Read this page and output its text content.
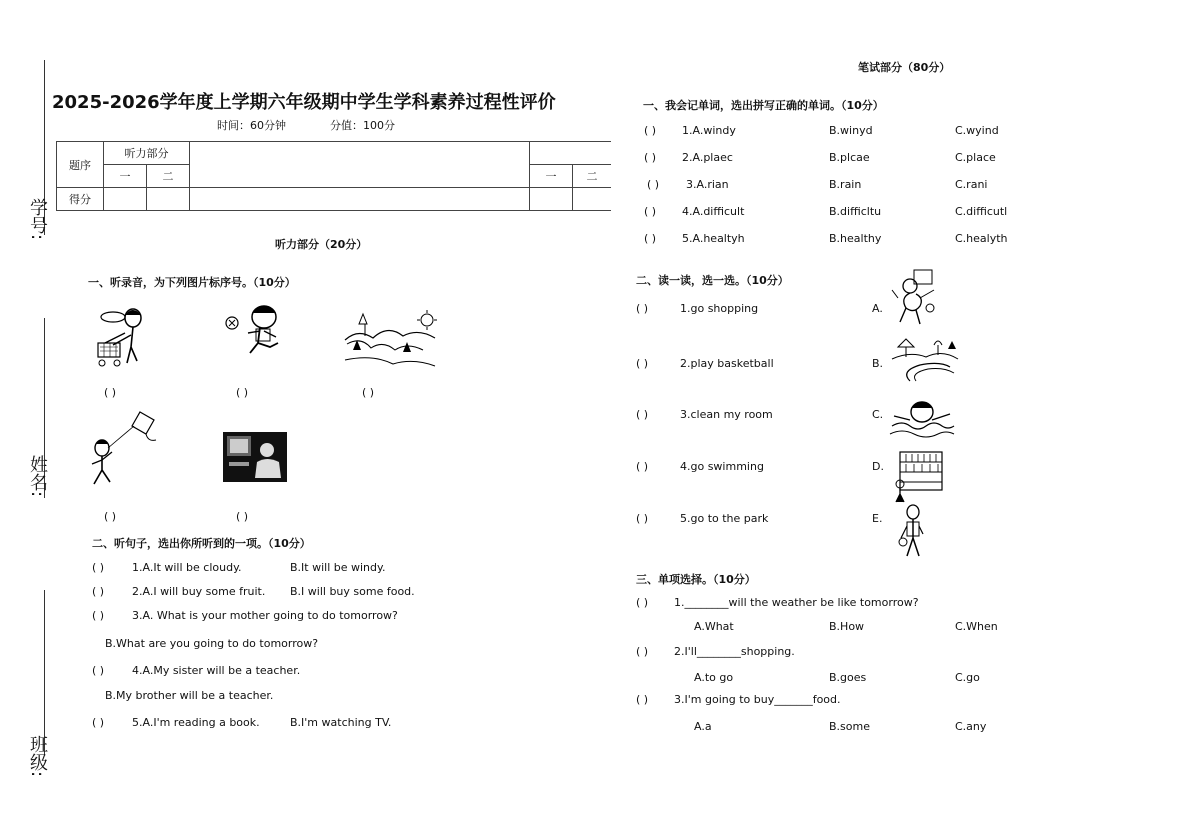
学号:
姓名:
班级:
2025-2026学年度上学期六年级期中学生学科素养过程性评价
时间：60分钟	分值：100分
题序	听力部分				
	一	二		一	二
得分					
听力部分（20分）
一、听录音，为下列图片标序号。（10分）
( )	( )	( )
( )	( )
二、听句子，选出你所听到的一项。（10分）
( )	1.A.It will be cloudy.	B.It will be windy.
( )	2.A.I will buy some fruit. B.I will buy some food.
( )	3.A. What is your mother going to do tomorrow?
B.What are you going to do tomorrow?
( )	4.A.My sister will be a teacher.
B.My brother will be a teacher.
( )	5.A.I'm reading a book.	B.I'm watching TV.
笔试部分（80分）
一、我会记单词，选出拼写正确的单词。（10分）
( ) 1.A.windy	B.winyd	C.wyind
( ) 2.A.plaec	B.plcae	C.place
( ) 3.A.rian	B.rain	C.rani
( ) 4.A.difficult	B.difficltu	C.difficutl
( ) 5.A.healtyh	B.healthy	C.healyth
二、读一读，选一选。（10分）
( )	1.go shopping	A.
( )	2.play basketball	B.
( )	3.clean my room	C.
( )	4.go swimming	D.
( )	5.go to the park	E.
三、单项选择。（10分）
( ) 1.________will the weather be like tomorrow?
A.What	B.How	C.When
( ) 2.I'll________shopping.
A.to go	B.goes	C.go
( ) 3.I'm going to buy_______food.
A.a	B.some	C.any
